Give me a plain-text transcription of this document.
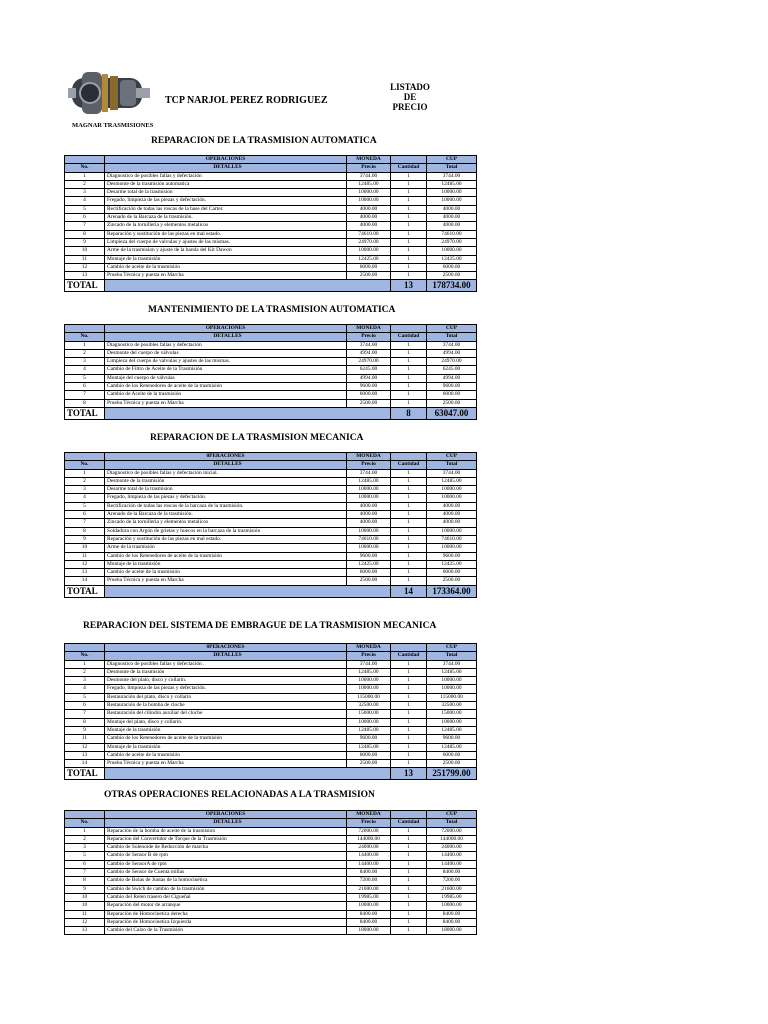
MAGNAR TRASMISIONES
TCP NARJOL PEREZ RODRIGUEZ
LISTADO
DE
PRECIO
REPARACION DE LA TRASMISION AUTOMATICA
	OPERACIONES	MONEDA		CUP
No.	DETALLES	Precio	Cantidad	Total
1	Diagnostico de posibles fallas y defectación	3744.00	1	3744.00
2	Desmonte de la trasmisión automatica	12485.00	1	12485.00
3	Desarme total de la trasmision	10000.00	1	10000.00
4	Fregado, limpieza de las piezas y defectación.	10000.00	1	10000.00
5	Rectificación de todas las roscas de la base del Carter.	4000.00	1	4000.00
6	Arenado de la Barcaza de la trasmisión.	4000.00	1	4000.00
7	Zincado de la tornilleria y elementos metalicos	4000.00	1	4000.00
8	Reparación y sustitución de las piezas en mal estado.	74610.00	1	74610.00
9	Limpieza del cuerpo de valvulas y ajustes de las mismas.	24970.00	1	24970.00
10	Arme de la trasmision y ajuste de la banda del Kit Dawon	10000.00	1	10000.00
11	Montaje de la trasmisión	12425.00	1	12425.00
12	Cambio de aceite de la trasmisión	6000.00	1	6000.00
13	Prueba Técnica y puesta en Marcha	2500.00	1	2500.00
TOTAL			13	178734.00
MANTENIMIENTO DE LA TRASMISION AUTOMATICA
	OPERACIONES	MONEDA		CUP
No.	DETALLES	Precio	Cantidad	Total
1	Diagnostico de posibles fallas y defectación	3744.00	1	3744.00
2	Desmonte del cuerpo de válvulas	4994.00	1	4994.00
3	Limpieza del cuerpo de valvulas y ajustes de las mismas.	24970.00	1	24970.00
4	Cambio de Filtro de Aceite de la Trasmisión	6245.00	1	6245.00
5	Montaje del cuerpo de válvulas	4994.00	1	4994.00
6	Cambio de los Retenedores de aceite de la trasmisión	9600.00	1	9600.00
7	Cambio de Aceite de la trasmisión	6000.00	1	6000.00
8	Prueba Técnica y puesta en Marcha	2500.00	1	2500.00
TOTAL			8	63047.00
REPARACION DE LA TRASMISION MECANICA
	0PERACIONES	MONEDA		CUP
No.	DETALLES	Precio	Cantidad	Total
1	Diagnostico de posibles fallas y defectación inicial.	3744.00	1	3744.00
2	Desmonte de la trasmisión	12485.00	1	12485.00
3	Desarme total de la trasmision	10000.00	1	10000.00
4	Fregado, limpieza de las piezas y defectación.	10000.00	1	10000.00
5	Rectificación de todas las roscas de la barcaza de la trasmisión.	4000.00	1	4000.00
6	Arenado de la Barcaza de la trasmisión.	4000.00	1	4000.00
7	Zincado de la tornilleria y elementos metalicos	4000.00	1	4000.00
8	Soldadura con Argón de grietas y huecos en la barcaza de la trasmisión	10000.00	1	10000.00
9	Reparación y sustitución de las piezas en mal estado.	74610.00	1	74610.00
10	Arme de la trasmisión	10000.00	1	10000.00
11	Cambio de los Retenedores de aceite de la trasmisión	9600.00	1	9600.00
12	Montaje de la trasmisión	12425.00	1	12425.00
13	Cambio de aceite de la trasmisión	6000.00	1	6000.00
14	Prueba Técnica y puesta en Marcha	2500.00	1	2500.00
TOTAL			14	173364.00
REPARACION DEL SISTEMA DE EMBRAGUE DE LA TRASMISION MECANICA
	0PERACIONES	MONEDA		CUP
No.	DETALLES	Precio	Cantidad	Total
1	Diagnostico de posibles fallas y defectación .	3744.00	1	3744.00
2	Desmonte de la trasmisión	12485.00	1	12485.00
3	Desmonte del plato, disco y collarin.	10000.00	1	10000.00
4	Fregado, limpieza de las piezas y defectación.	10000.00	1	10000.00
5	Restauración del plato, disco y collarin	115000.00	1	115000.00
6	Restauración de la bomba de cloche	32500.00	1	32500.00
7	Restauración del cilindro auxiliar del cloche	15000.00	1	15000.00
8	Montaje del plato, disco y collarin.	10000.00	1	10000.00
9	Montaje de la trasmisión	12485.00	1	12485.00
11	Cambio de los Retenedores de aceite de la trasmisión	9600.00	1	9600.00
12	Montaje de la trasmisión	12485.00	1	12485.00
13	Cambio de aceite de la trasmisión	6000.00	1	6000.00
14	Prueba Técnica y puesta en Marcha	2500.00	1	2500.00
TOTAL			13	251799.00
OTRAS OPERACIONES RELACIONADAS A LA TRASMISION
	OPERACIONES	MONEDA		CUP
No.	DETALLES	Precio	Cantidad	Total
1	Reparación de la bomba de aceite de la trasmision	72000.00	1	72000.00
2	Reparacion del Convertidor de Torque de la Trasmisión	144000.00	1	144000.00
3	Cambio de Solenoide de Reducción de marcha	24000.00	1	24000.00
5	Cambio de Sensor B de rpm	14400.00	1	14400.00
6	Cambio de SensorA de rpm	14400.00	1	14400.00
7	Cambio de Sensor de Cuenta millas	8400.00	1	8400.00
8	Cambio de Bolas de Juntas de la homocinética	7200.00	1	7200.00
9	Cambio de Swich de cambio de la trasmisión	21600.00	1	21600.00
10	Cambio del Reten trasero del Cigueñal	19985.00	1	19985.00
10	Reparación del motor de arranque	10000.00	1	10000.00
11	Reparación de Homocinetica derecha	8400.00	1	8400.00
12	Reparación de Homocinetica Izquierda	8400.00	1	8400.00
13	Cambio del Calzo de la Trasmisión	18000.00	1	18000.00
